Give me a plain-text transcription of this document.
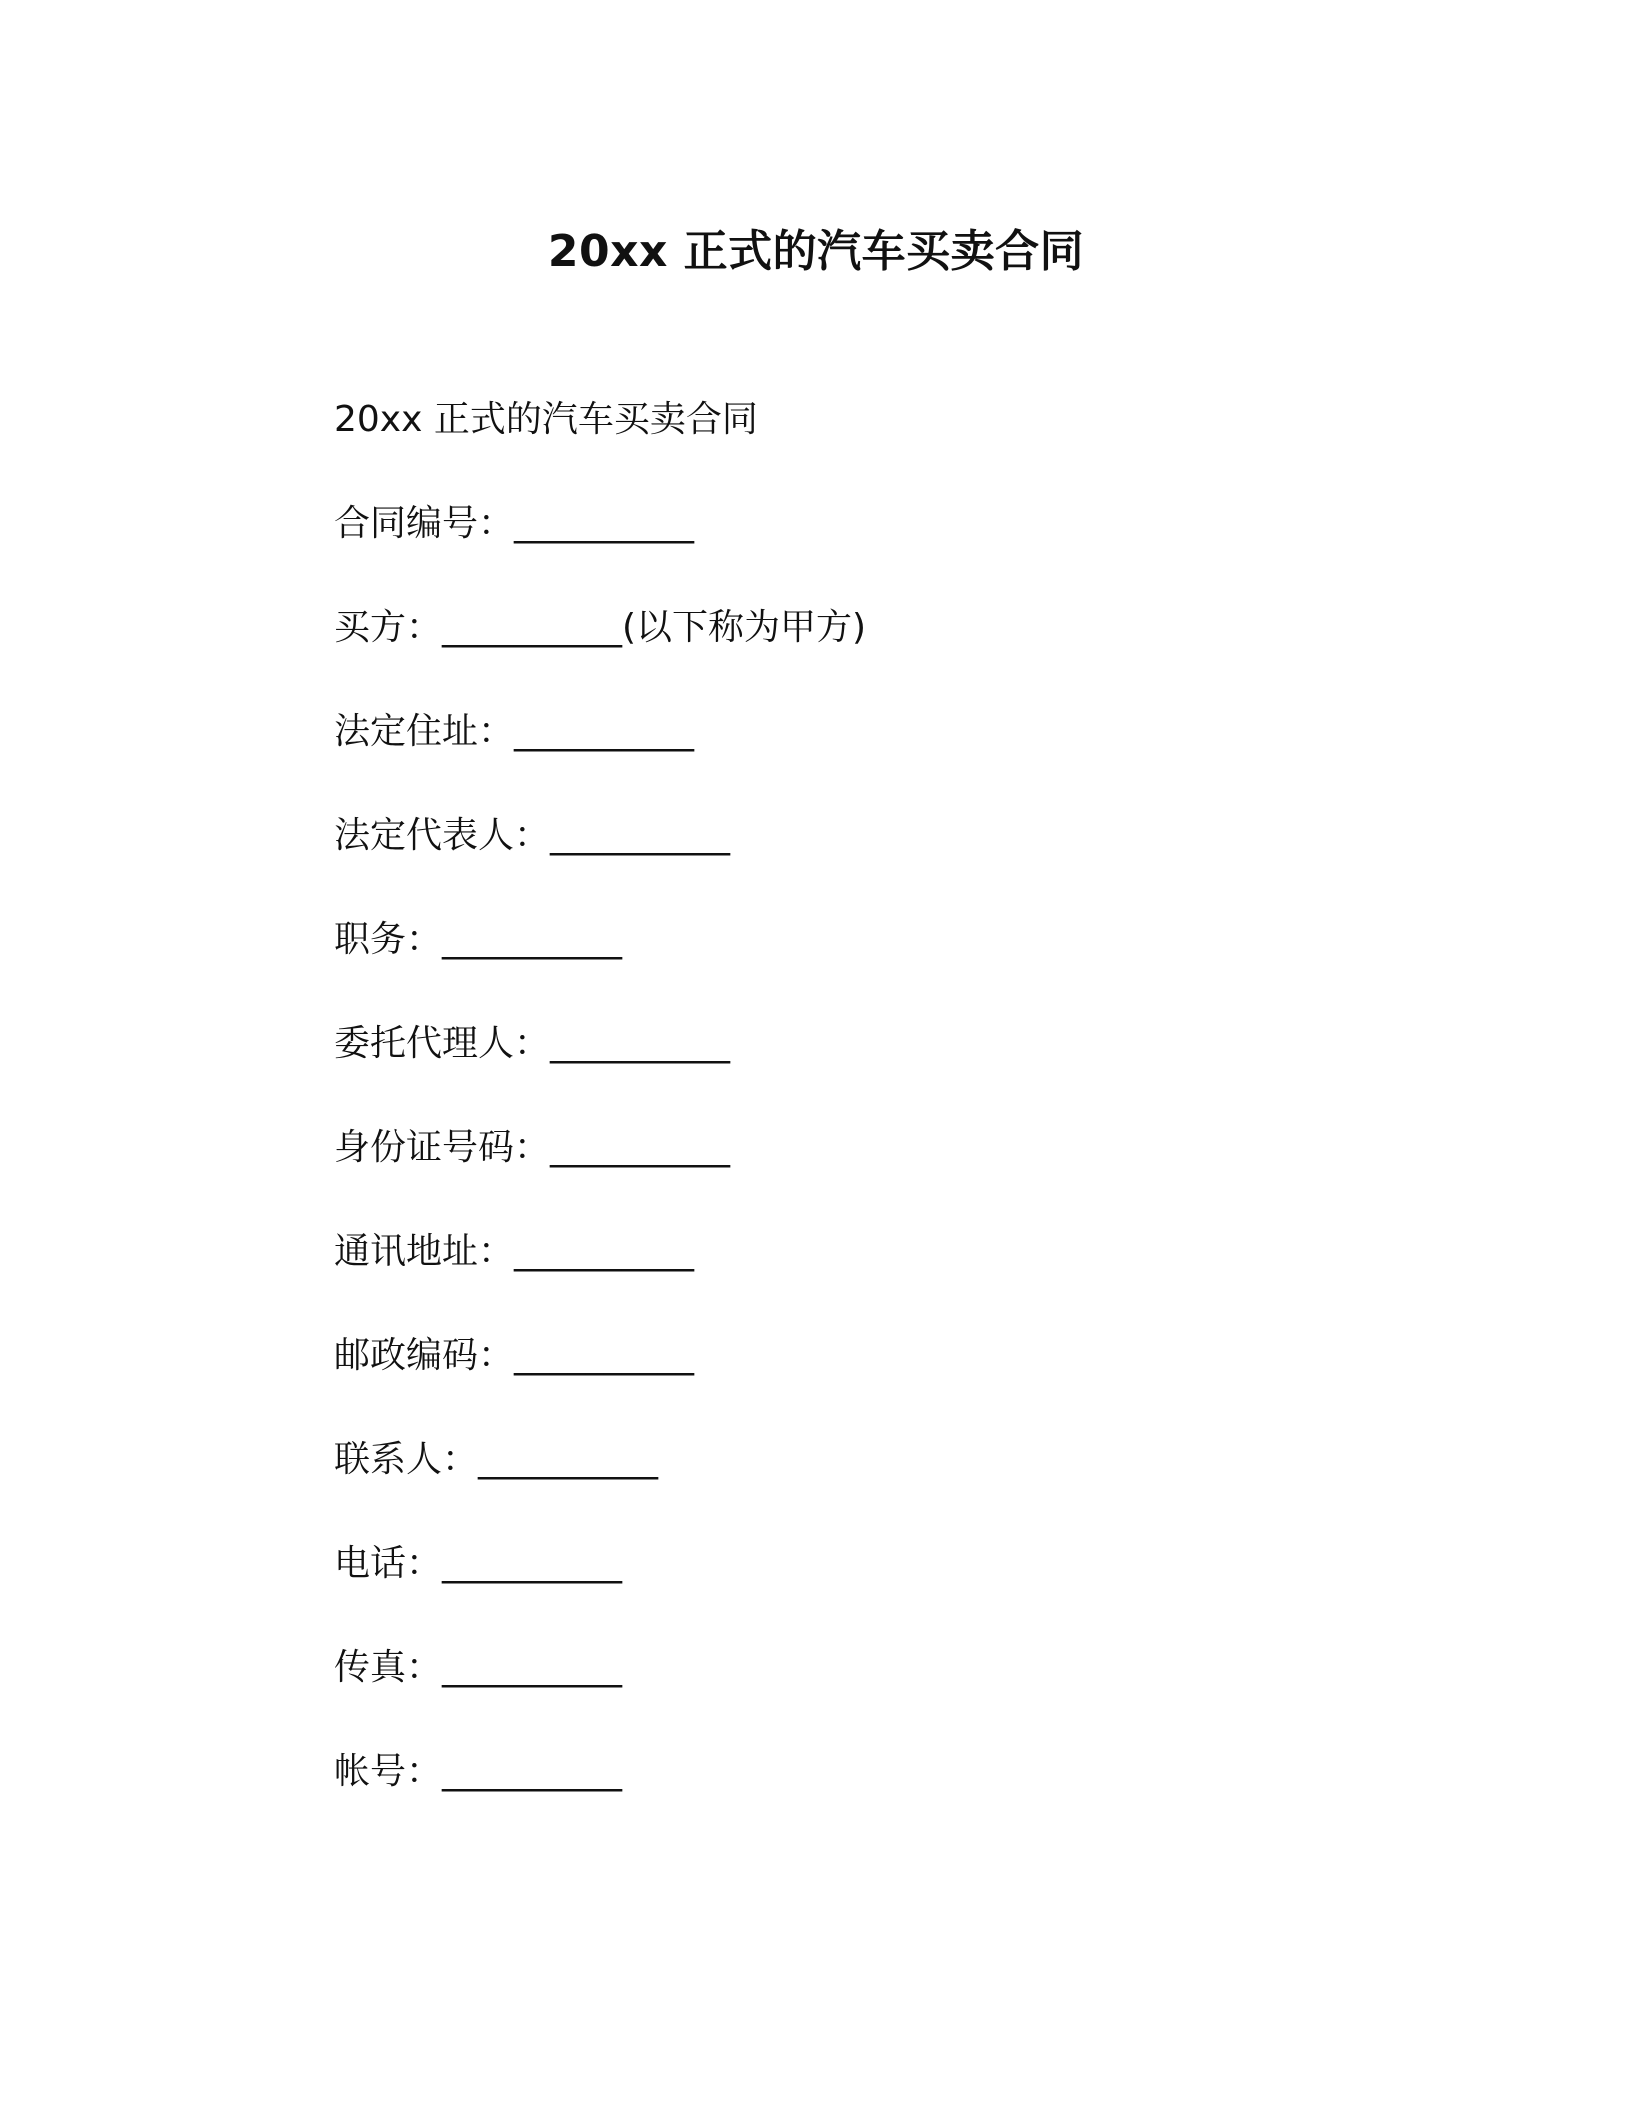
20xx 正式的汽车买卖合同
20xx 正式的汽车买卖合同
合同编号：__________
买方：__________(以下称为甲方)
法定住址：__________
法定代表人：__________
职务：__________
委托代理人：__________
身份证号码：__________
通讯地址：__________
邮政编码：__________
联系人：__________
电话：__________
传真：__________
帐号：__________
